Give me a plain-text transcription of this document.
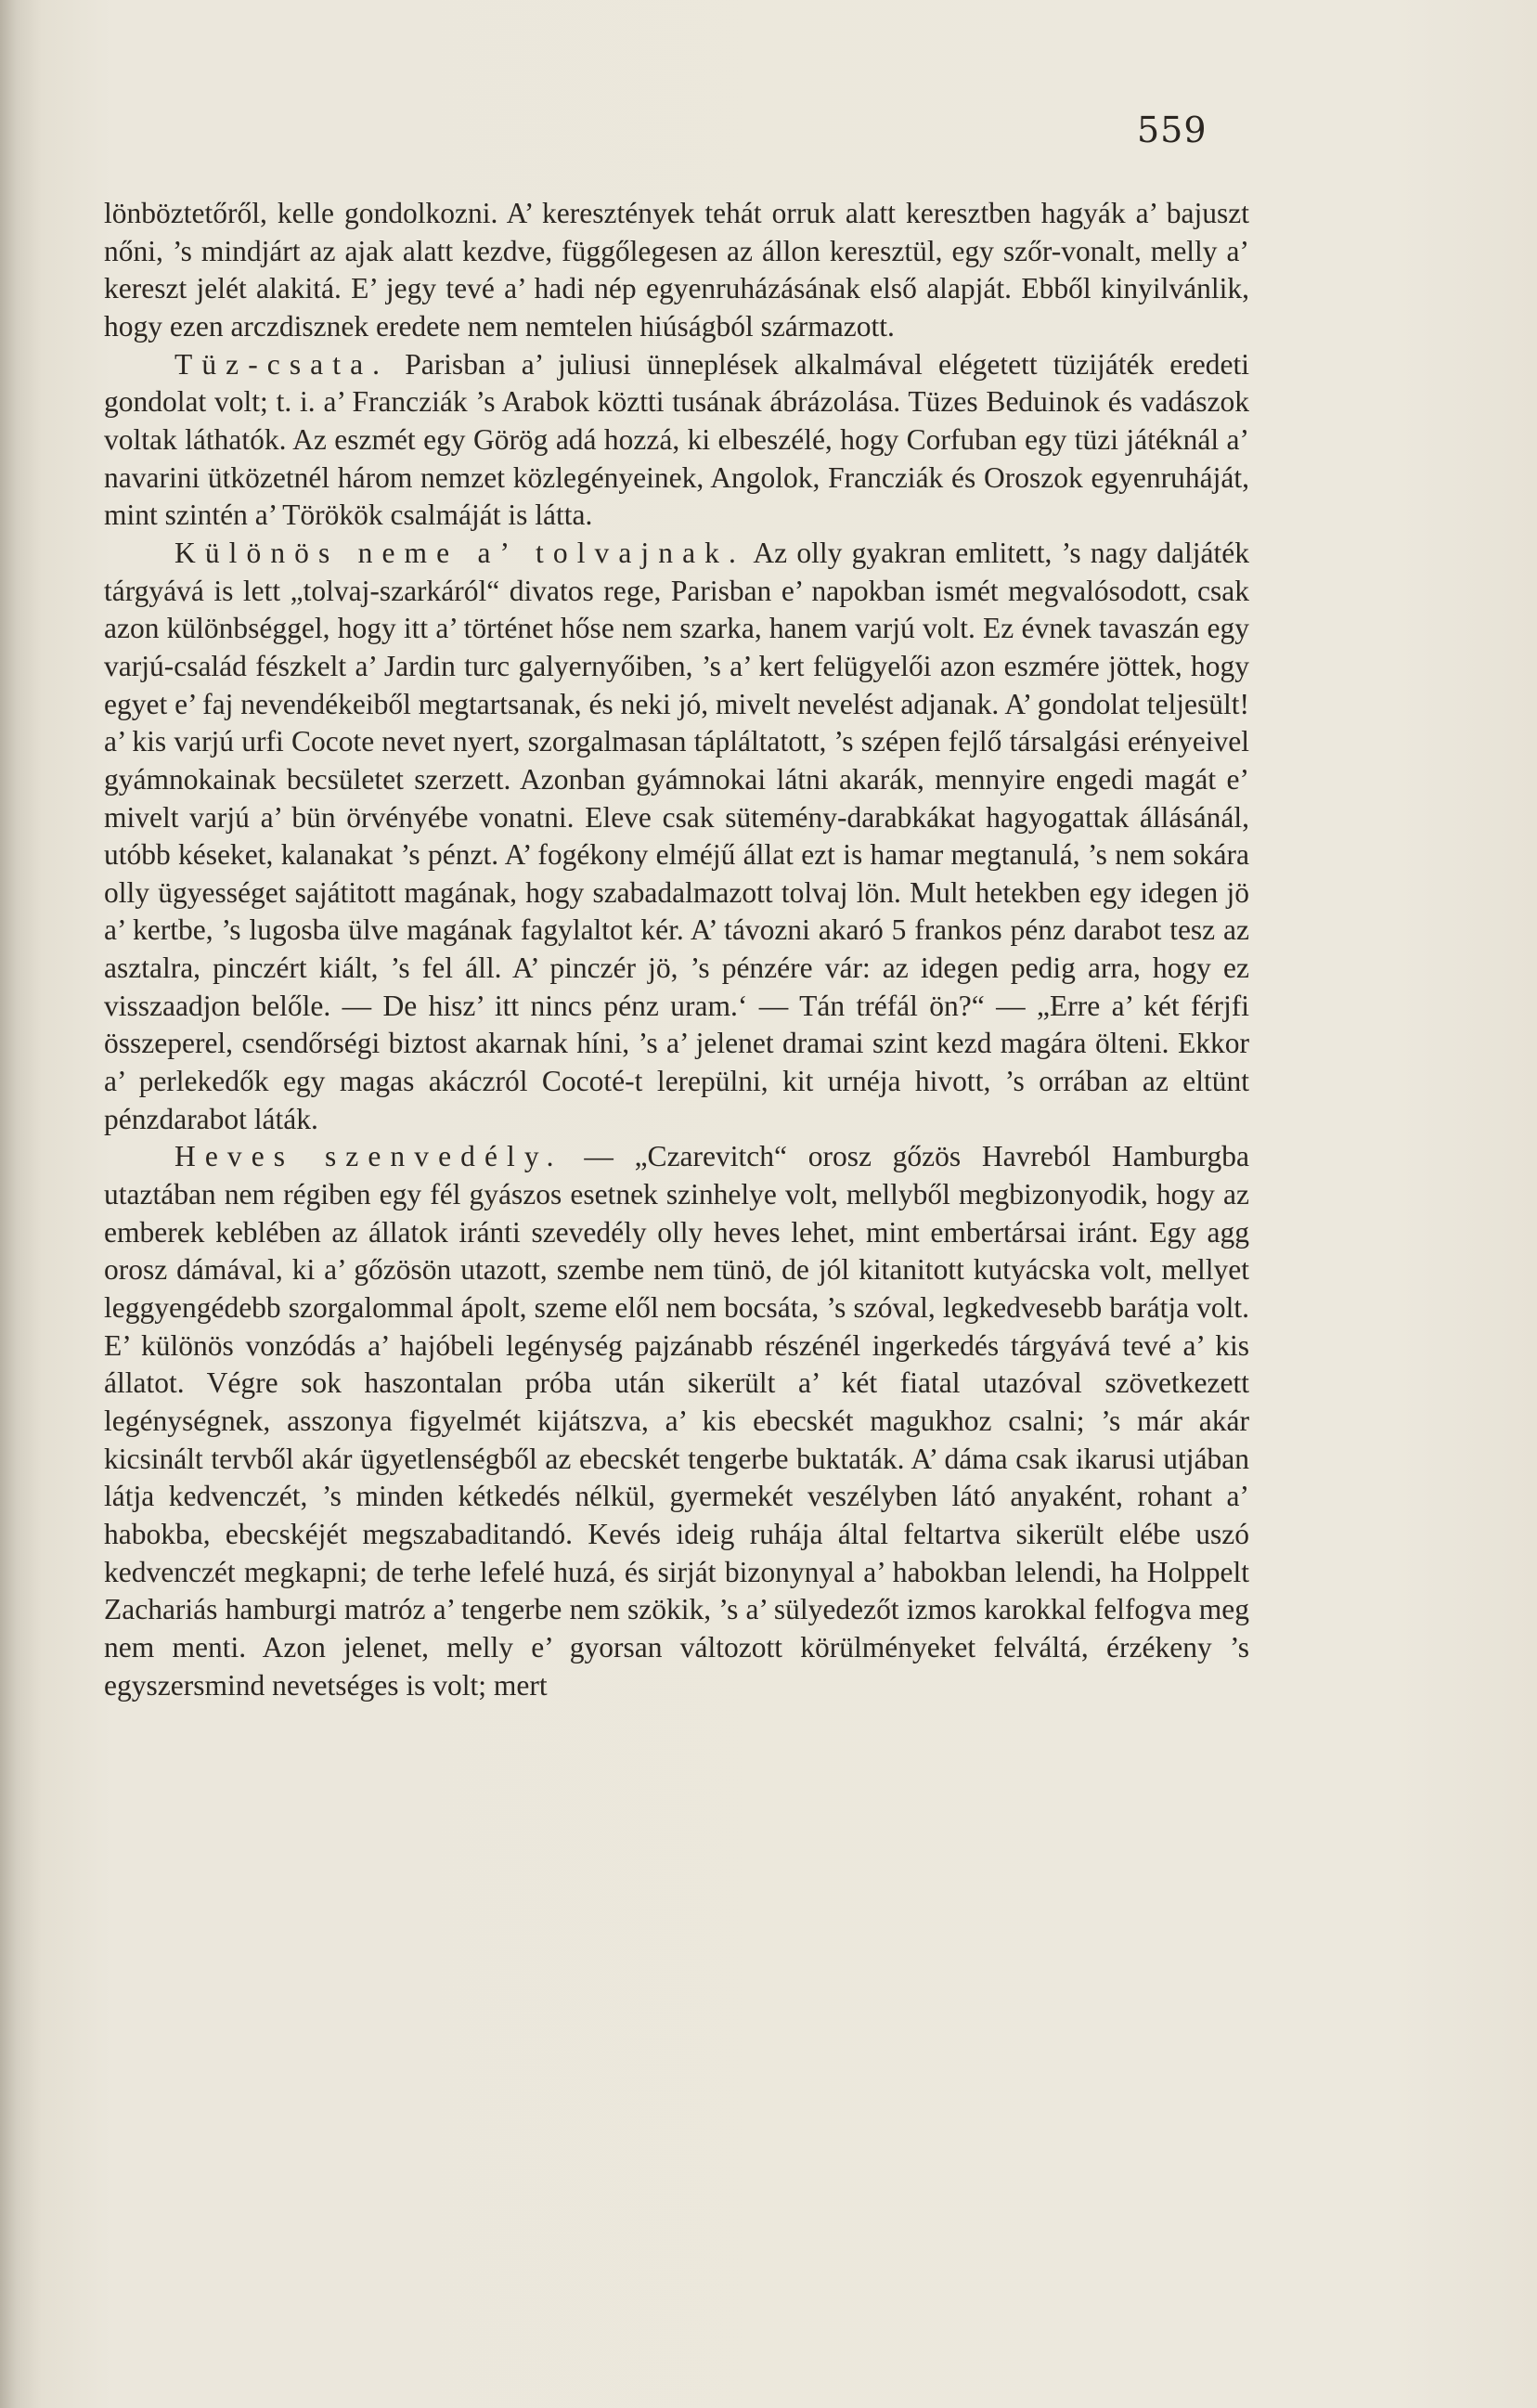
559

lönböztetőről, kelle gondolkozni. A’ keresztények tehát orruk alatt keresztben hagyák a’ bajuszt nőni, ’s mindjárt az ajak alatt kezdve, függőlegesen az állon keresztül, egy szőr-vonalt, melly a’ kereszt jelét alakitá. E’ jegy tevé a’ hadi nép egyenruházásának első alapját. Ebből kinyilvánlik, hogy ezen arczdisznek eredete nem nemtelen hiúságból származott.

Tüz-csata. Parisban a’ juliusi ünneplések alkalmával elégetett tüzijáték eredeti gondolat volt; t. i. a’ Francziák ’s Arabok köztti tusának ábrázolása. Tüzes Beduinok és vadászok voltak láthatók. Az eszmét egy Görög adá hozzá, ki elbeszélé, hogy Corfuban egy tüzi játéknál a’ navarini ütközetnél három nemzet közlegényeinek, Angolok, Francziák és Oroszok egyenruháját, mint szintén a’ Törökök csalmáját is látta.

Különös neme a’ tolvajnak. Az olly gyakran emlitett, ’s nagy daljáték tárgyává is lett „tolvaj-szarkáról“ divatos rege, Parisban e’ napokban ismét megvalósodott, csak azon különbséggel, hogy itt a’ történet hőse nem szarka, hanem varjú volt. Ez évnek tavaszán egy varjú-család fészkelt a’ Jardin turc galyernyőiben, ’s a’ kert felügyelői azon eszmére jöttek, hogy egyet e’ faj nevendékeiből megtartsanak, és neki jó, mivelt nevelést adjanak. A’ gondolat teljesült! a’ kis varjú urfi Cocote nevet nyert, szorgalmasan tápláltatott, ’s szépen fejlő társalgási erényeivel gyámnokainak becsületet szerzett. Azonban gyámnokai látni akarák, mennyire engedi magát e’ mivelt varjú a’ bün örvényébe vonatni. Eleve csak sütemény-darabkákat hagyogattak állásánál, utóbb késeket, kalanakat ’s pénzt. A’ fogékony elméjű állat ezt is hamar megtanulá, ’s nem sokára olly ügyességet sajátitott magának, hogy szabadalmazott tolvaj lön. Mult hetekben egy idegen jö a’ kertbe, ’s lugosba ülve magának fagylaltot kér. A’ távozni akaró 5 frankos pénz darabot tesz az asztalra, pinczért kiált, ’s fel áll. A’ pinczér jö, ’s pénzére vár: az idegen pedig arra, hogy ez visszaadjon belőle. — De hisz’ itt nincs pénz uram.‘ — Tán tréfál ön?“ — „Erre a’ két férjfi összeperel, csendőrségi biztost akarnak híni, ’s a’ jelenet dramai szint kezd magára ölteni. Ekkor a’ perlekedők egy magas akáczról Cocoté-t lerepülni, kit urnéja hivott, ’s orrában az eltünt pénzdarabot láták.

Heves szenvedély. — „Czarevitch“ orosz gőzös Havreból Hamburgba utaztában nem régiben egy fél gyászos esetnek szinhelye volt, mellyből megbizonyodik, hogy az emberek keblében az állatok iránti szevedély olly heves lehet, mint embertársai iránt. Egy agg orosz dámával, ki a’ gőzösön utazott, szembe nem tünö, de jól kitanitott kutyácska volt, mellyet leggyengédebb szorgalommal ápolt, szeme elől nem bocsáta, ’s szóval, legkedvesebb barátja volt. E’ különös vonzódás a’ hajóbeli legénység pajzánabb részénél ingerkedés tárgyává tevé a’ kis állatot. Végre sok haszontalan próba után sikerült a’ két fiatal utazóval szövetkezett legénységnek, asszonya figyelmét kijátszva, a’ kis ebecskét magukhoz csalni; ’s már akár kicsinált tervből akár ügyetlenségből az ebecskét tengerbe buktaták. A’ dáma csak ikarusi utjában látja kedvenczét, ’s minden kétkedés nélkül, gyermekét veszélyben látó anyaként, rohant a’ habokba, ebecskéjét megszabaditandó. Kevés ideig ruhája által feltartva sikerült elébe uszó kedvenczét megkapni; de terhe lefelé huzá, és sirját bizonynyal a’ habokban lelendi, ha Holppelt Zachariás hamburgi matróz a’ tengerbe nem szökik, ’s a’ sülyedezőt izmos karokkal felfogva meg nem menti. Azon jelenet, melly e’ gyorsan változott körülményeket felváltá, érzékeny ’s egyszersmind nevetséges is volt; mert
